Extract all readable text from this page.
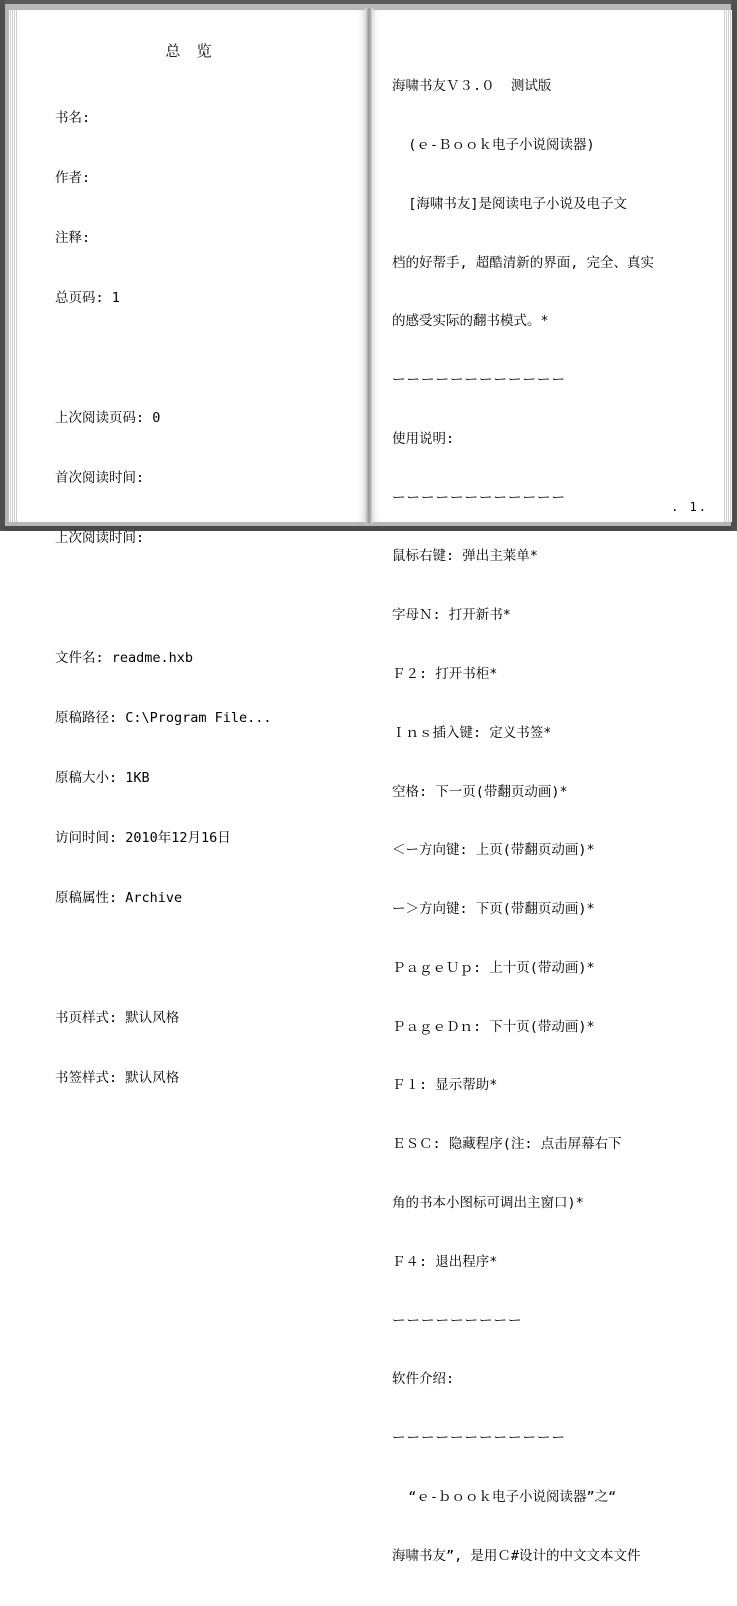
总 览

书名:

作者:

注释:

总页码: 1

上次阅读页码: 0

首次阅读时间:

上次阅读时间:

文件名: readme.hxb

原稿路径: C:\Program File...

原稿大小: 1KB

访问时间: 2010年12月16日

原稿属性: Archive

书页样式: 默认风格

书签样式: 默认风格

海啸书友Ｖ３.０  测试版

(ｅ-Ｂｏｏｋ电子小说阅读器)

[海啸书友]是阅读电子小说及电子文

档的好帮手, 超酷清新的界面, 完全、真实

的感受实际的翻书模式。*

ーーーーーーーーーーーー

使用说明:

ーーーーーーーーーーーー

鼠标右键: 弹出主莱单*

字母Ｎ: 打开新书*

Ｆ２: 打开书柜*

Ｉｎｓ插入键: 定义书签*

空格: 下一页(带翻页动画)*

＜ー方向键: 上页(带翻页动画)*

ー＞方向键: 下页(带翻页动画)*

ＰａｇｅＵｐ: 上十页(带动画)*

ＰａｇｅＤｎ: 下十页(带动画)*

Ｆ１: 显示帮助*

ＥＳＣ: 隐藏程序(注: 点击屏幕右下

角的书本小图标可调出主窗口)*

Ｆ４: 退出程序*

ーーーーーーーーー

软件介绍:

ーーーーーーーーーーーー

“ｅ-ｂｏｏｋ电子小说阅读器”之“

海啸书友”, 是用Ｃ#设计的中文文本文件

. 1.
